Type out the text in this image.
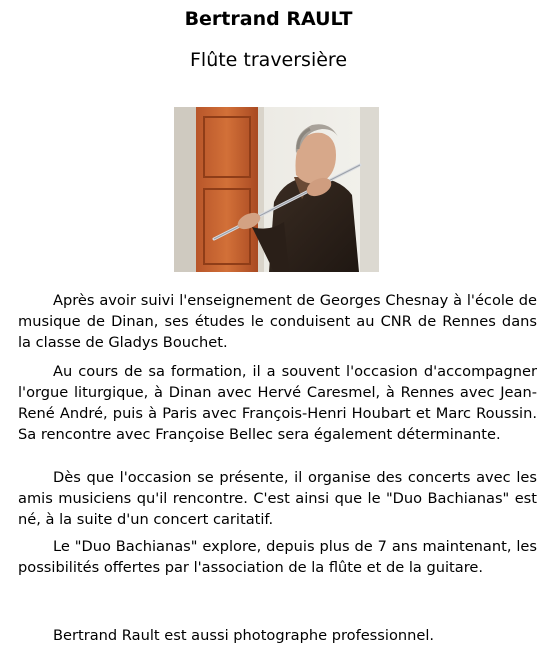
Bertrand RAULT
Flûte traversière

Après avoir suivi l'enseignement de Georges Chesnay à l'école de musique de Dinan, ses études le conduisent au CNR de Rennes dans la classe de Gladys Bouchet.

Au cours de sa formation, il a souvent l'occasion d'accompagner l'orgue liturgique, à Dinan avec Hervé Caresmel, à Rennes avec Jean-René André, puis à Paris avec François-Henri Houbart et Marc Roussin. Sa rencontre avec Françoise Bellec sera également déterminante.

Dès que l'occasion se présente, il organise des concerts avec les amis musiciens qu'il rencontre. C'est ainsi que le "Duo Bachianas" est né, à la suite d'un concert caritatif.

Le "Duo Bachianas" explore, depuis plus de 7 ans maintenant, les possibilités offertes par l'association de la flûte et de la guitare.

Bertrand Rault est aussi photographe professionnel.
